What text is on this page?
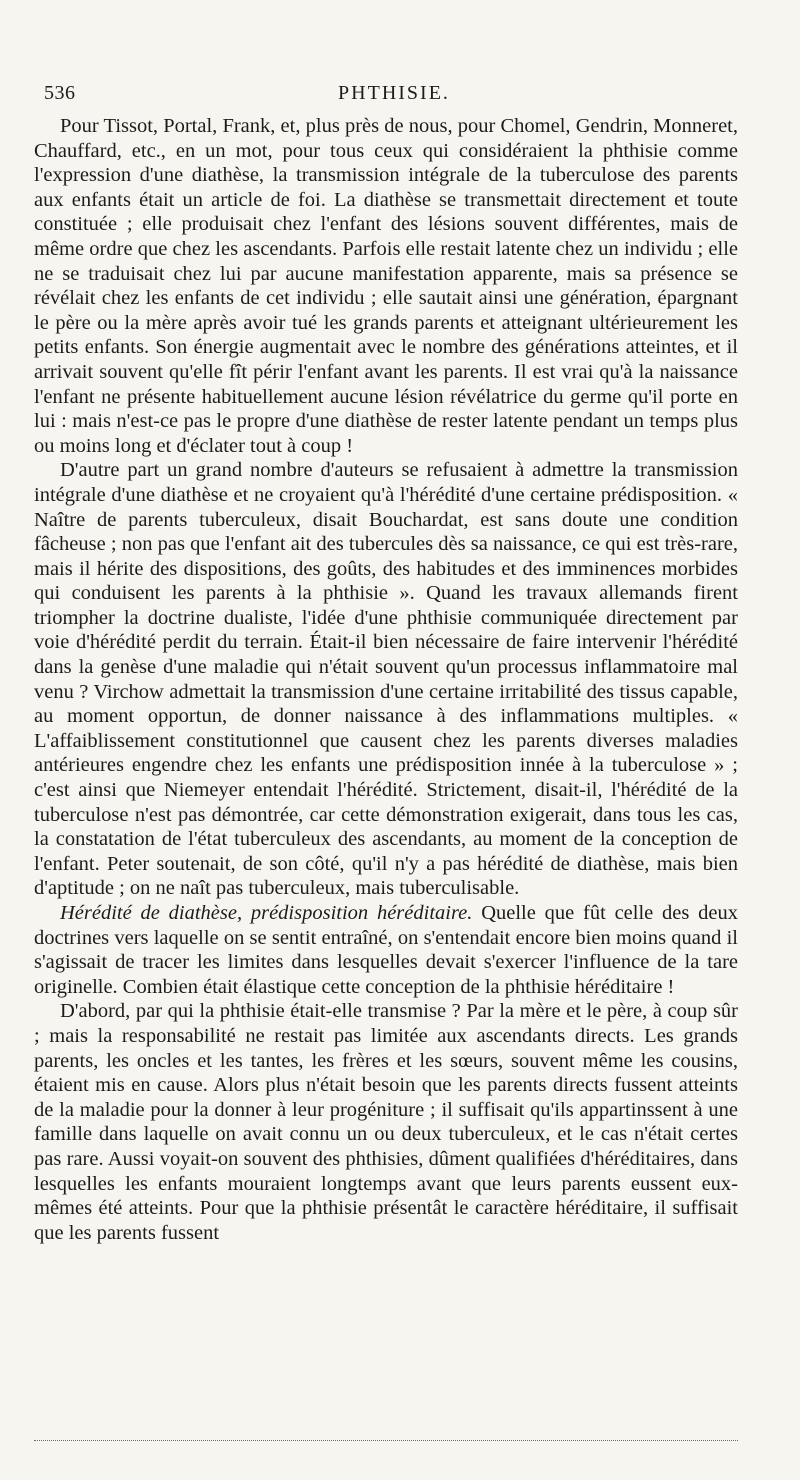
536	PHTHISIE.

Pour Tissot, Portal, Frank, et, plus près de nous, pour Chomel, Gendrin, Monneret, Chauffard, etc., en un mot, pour tous ceux qui considéraient la phthisie comme l'expression d'une diathèse, la transmission intégrale de la tuberculose des parents aux enfants était un article de foi. La diathèse se transmettait directement et toute constituée ; elle produisait chez l'enfant des lésions souvent différentes, mais de même ordre que chez les ascendants. Parfois elle restait latente chez un individu ; elle ne se traduisait chez lui par aucune manifestation apparente, mais sa présence se révélait chez les enfants de cet individu ; elle sautait ainsi une génération, épargnant le père ou la mère après avoir tué les grands parents et atteignant ultérieurement les petits enfants. Son énergie augmentait avec le nombre des générations atteintes, et il arrivait souvent qu'elle fît périr l'enfant avant les parents. Il est vrai qu'à la naissance l'enfant ne présente habituellement aucune lésion révélatrice du germe qu'il porte en lui : mais n'est-ce pas le propre d'une diathèse de rester latente pendant un temps plus ou moins long et d'éclater tout à coup !

D'autre part un grand nombre d'auteurs se refusaient à admettre la transmission intégrale d'une diathèse et ne croyaient qu'à l'hérédité d'une certaine prédisposition. « Naître de parents tuberculeux, disait Bouchardat, est sans doute une condition fâcheuse ; non pas que l'enfant ait des tubercules dès sa naissance, ce qui est très-rare, mais il hérite des dispositions, des goûts, des habitudes et des imminences morbides qui conduisent les parents à la phthisie ». Quand les travaux allemands firent triompher la doctrine dualiste, l'idée d'une phthisie communiquée directement par voie d'hérédité perdit du terrain. Était-il bien nécessaire de faire intervenir l'hérédité dans la genèse d'une maladie qui n'était souvent qu'un processus inflammatoire mal venu ? Virchow admettait la transmission d'une certaine irritabilité des tissus capable, au moment opportun, de donner naissance à des inflammations multiples. « L'affaiblissement constitutionnel que causent chez les parents diverses maladies antérieures engendre chez les enfants une prédisposition innée à la tuberculose » ; c'est ainsi que Niemeyer entendait l'hérédité. Strictement, disait-il, l'hérédité de la tuberculose n'est pas démontrée, car cette démonstration exigerait, dans tous les cas, la constatation de l'état tuberculeux des ascendants, au moment de la conception de l'enfant. Peter soutenait, de son côté, qu'il n'y a pas hérédité de diathèse, mais bien d'aptitude ; on ne naît pas tuberculeux, mais tuberculisable.

Hérédité de diathèse, prédisposition héréditaire. Quelle que fût celle des deux doctrines vers laquelle on se sentit entraîné, on s'entendait encore bien moins quand il s'agissait de tracer les limites dans lesquelles devait s'exercer l'influence de la tare originelle. Combien était élastique cette conception de la phthisie héréditaire !

D'abord, par qui la phthisie était-elle transmise ? Par la mère et le père, à coup sûr ; mais la responsabilité ne restait pas limitée aux ascendants directs. Les grands parents, les oncles et les tantes, les frères et les sœurs, souvent même les cousins, étaient mis en cause. Alors plus n'était besoin que les parents directs fussent atteints de la maladie pour la donner à leur progéniture ; il suffisait qu'ils appartinssent à une famille dans laquelle on avait connu un ou deux tuberculeux, et le cas n'était certes pas rare. Aussi voyait-on souvent des phthisies, dûment qualifiées d'héréditaires, dans lesquelles les enfants mouraient longtemps avant que leurs parents eussent eux-mêmes été atteints. Pour que la phthisie présentât le caractère héréditaire, il suffisait que les parents fussent
